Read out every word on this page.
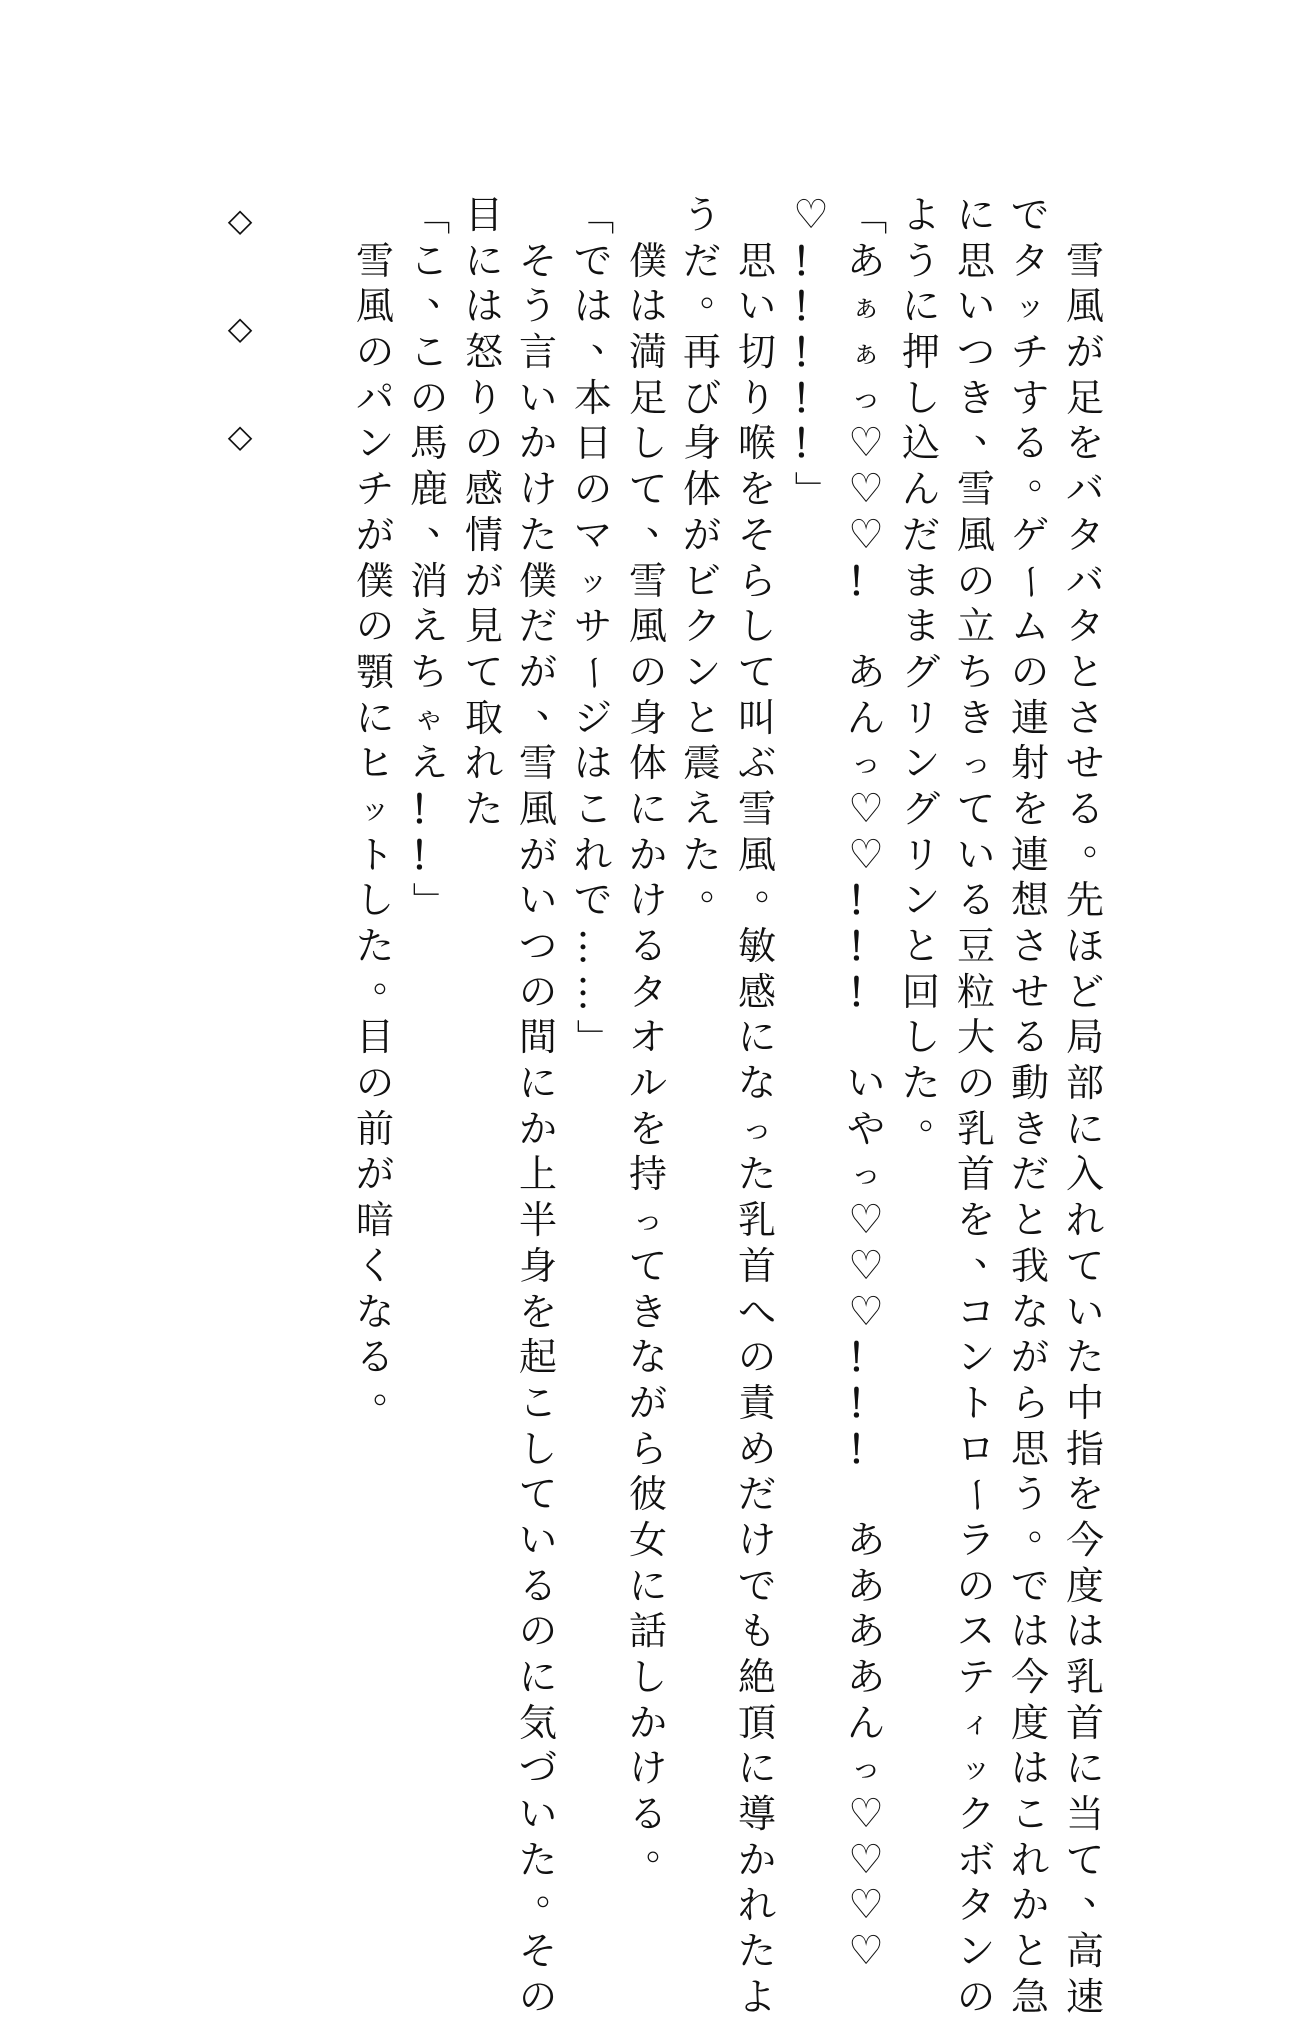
雪
風
が
足
を
バ
タ
バ
タ
と
さ
せ
る
。
先
ほ
ど
局
部
に
入
れ
て
い
た
中
指
を
今
度
は
乳
首
に
当
て
、
高
速
で
タ
ッ
チ
す
る
。
ゲ
ー
ム
の
連
射
を
連
想
さ
せ
る
動
き
だ
と
我
な
が
ら
思
う
。
で
は
今
度
は
こ
れ
か
と
急
に
思
い
つ
き
、
雪
風
の
立
ち
き
っ
て
い
る
豆
粒
大
の
乳
首
を
、
コ
ン
ト
ロ
ー
ラ
の
ス
テ
ィ
ッ
ク
ボ
タ
ン
の
よ
う
に
押
し
込
ん
だ
ま
ま
グ
リ
ン
グ
リ
ン
と
回
し
た
。
「
あ
ぁ
ぁ
っ
♡
♡
♡
！

あ
ん
っ
♡
♡
！
！
！

い
や
っ
♡
♡
♡
！
！
！

あ
あ
あ
あ
ん
っ
♡
♡
♡
♡
♡
！
！
！
！
！
」

思
い
切
り
喉
を
そ
ら
し
て
叫
ぶ
雪
風
。
敏
感
に
な
っ
た
乳
首
へ
の
責
め
だ
け
で
も
絶
頂
に
導
か
れ
た
よ
う
だ
。
再
び
身
体
が
ビ
ク
ン
と
震
え
た
。

僕
は
満
足
し
て
、
雪
風
の
身
体
に
か
け
る
タ
オ
ル
を
持
っ
て
き
な
が
ら
彼
女
に
話
し
か
け
る
。
「
で
は
、
本
日
の
マ
ッ
サ
ー
ジ
は
こ
れ
で
…
…
」

そ
う
言
い
か
け
た
僕
だ
が
、
雪
風
が
い
つ
の
間
に
か
上
半
身
を
起
こ
し
て
い
る
の
に
気
づ
い
た
。
そ
の
目
に
は
怒
り
の
感
情
が
見
て
取
れ
た
「
こ
、
こ
の
馬
鹿
、
消
え
ち
ゃ
え
！
！
」

雪
風
の
パ
ン
チ
が
僕
の
顎
に
ヒ
ッ
ト
し
た
。
目
の
前
が
暗
く
な
る
。
◇

◇

◇
